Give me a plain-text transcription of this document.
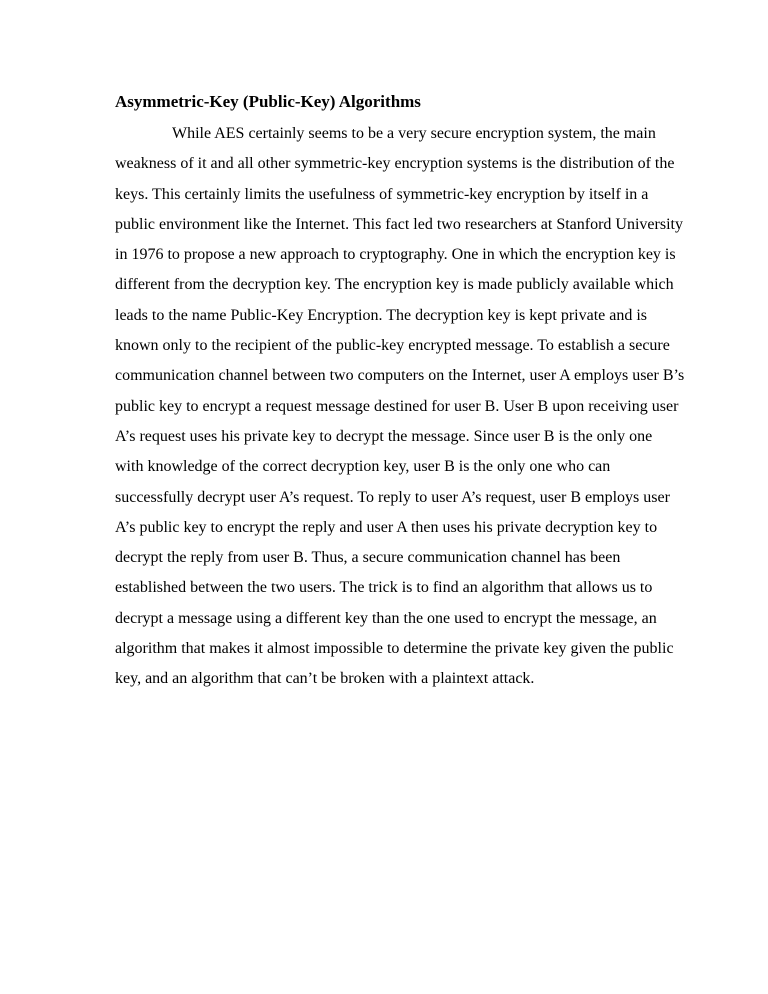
Asymmetric-Key (Public-Key) Algorithms

While AES certainly seems to be a very secure encryption system, the main
weakness of it and all other symmetric-key encryption systems is the distribution of the
keys. This certainly limits the usefulness of symmetric-key encryption by itself in a
public environment like the Internet. This fact led two researchers at Stanford University
in 1976 to propose a new approach to cryptography. One in which the encryption key is
different from the decryption key. The encryption key is made publicly available which
leads to the name Public-Key Encryption. The decryption key is kept private and is
known only to the recipient of the public-key encrypted message. To establish a secure
communication channel between two computers on the Internet, user A employs user B’s
public key to encrypt a request message destined for user B. User B upon receiving user
A’s request uses his private key to decrypt the message. Since user B is the only one
with knowledge of the correct decryption key, user B is the only one who can
successfully decrypt user A’s request. To reply to user A’s request, user B employs user
A’s public key to encrypt the reply and user A then uses his private decryption key to
decrypt the reply from user B. Thus, a secure communication channel has been
established between the two users. The trick is to find an algorithm that allows us to
decrypt a message using a different key than the one used to encrypt the message, an
algorithm that makes it almost impossible to determine the private key given the public
key, and an algorithm that can’t be broken with a plaintext attack.
